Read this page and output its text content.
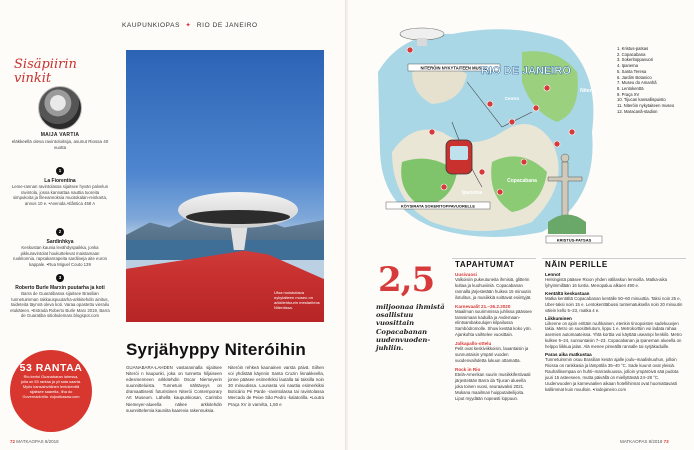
KAUPUNKIOPAS ✦ RIO DE JANEIRO
Sisäpiirin vinkit
MAIJA VARTIA
eläkkeellä oleva ravintoloitsija, asunut Riossa 40 vuotta
1
La Fiorentina
Leme-rannan ravintolassa sijaitsee hyvän palvelun ravintola, jossa kannattaa nauttia tuoreita simpukoita ja fileeannoksia muotokalan-reinkarta, annos 10 e. •Avenida Atlântica 458 A
2
Sardinhkya
Keskustan kaunia levähdyspaikka, jonka pikkuravintolat houkuttelevat maistamaan ruokitonnia, rapsakanrapeita sardiineja aite euron kappale. •Rua Miguel Couto 139
3
Roberto Burle Marxin puutarha ja koti
Barra de Guaratibassa sijaitsee Brasilian tunnetuimman rakkauspuutarha-arkkitehdin ainitus, taideteita täynnä oleva koti. Varaa opastettu vierailu etukäteen. •Estrada Roberto Burle Marx 2019, Barra de Guaratiba sitiobulemarx.blogspot.com
53 RANTAA
Rio kertoi Guanabaran lahessa, jolla on 53 rantaa ja yli sata saarta. Myös kansainvälinen lentokenttä sijaitsee saarella, Ilha do Governadorilla. riojustkasaw.com
Ufoa muistuttava nykytaiteen museo on arkkitehtuurin mestariteos Niteróissa.
Syrjähyppy Niteróihin
GUANABARA-LAHDEN vastarannalla sijaitsee Niterói n kaupunki, joka on tunnettu hiljaiseen edesmenneen arkkitehdin Oscar Niemeyerin suunnitteluista. Tunnetuin nähtävyys on dramaattisesti futuristinen Niterói Contemporary Art Museum. Lähellä kaupunkiosan, Carimbo Niemeyer-alueella näkee arkkitehdin suunnittelemia kauniita kaarevia rakennuksia.
Niteróin rehkeä kaunainen varsta päivä. Siihen voi yhdistää käynnin Santa Cruzin linnakkeella, jonne pääsee esimerkiksi lautalla tai taksilla noin 30 minuutissa. Lounasta voi nauttia esimerkiksi Boticário Pé Parde -ravintolassa tai ravintolassa Mercado de Peixe São Pedro -kalatorilla. •Loutra Praça XV in varrelta, 1,50 e
72 MATKAOPAS 8/2018
NITERÓIN NYKYTAITEEN MUSEO
RIO DE JANEIRO
Niteroi
Copacabana
Ipanema
Centro
KÖYSIRATA SOKERITOPPAVUORELLE
KRISTUS-PATSAS
1. Kristus-patsas
2. Copacabana
3. Sokeritoppavuori
4. Ipanema
5. Santa Teresa
6. Jardim Botanico
7. Museu do Amanhã
8. Lentokenttä
9. Praça XV
10. Tijucan kansallispuisto
11. Niteróin nykytaiteen museo
12. Maracanã-stadion
2,5
miljoonaa ihmistä osallistuu vuosittain Copacabanan uudenvuodenjuhliin.
TAPAHTUMAT
Uusivuosi
Valkoisiin pukeutuneita ihmisiä, glitterin kultaa ja kuohuviiniä. Copacabanan rannalla järjestetään huikea 15 minuutin ilotulitus, ja musiikkiä soittavat esiintyjät.
Karnevaalit 21.–26.2.2020
Maailman suurimmissa juhlissa päässee tanssimaan kaduilla ja Avdemaan-elintsambakoulujen kilpailussa Sambódromolle. Show kestää koko yön. Ajankohta vaihtelee vuosittain.
Jalkapallo-ottelu
Pelit ovat keskiviikkoisin, lauantaisin ja sunnuntaisin ympäri vuoden vuodenvaihdetta lukuun ottamatta.
Rock in Rio
Etelä-Amerikan suurin musiikkifestivaali järjestetään Barra da Tijucan alueella joka toinen vuosi, seuraavaksi 2021. Mukana maailman huipputaiteilijoita. Liput myydään nopeasti loppuun.
NÄIN PERILLE
Lennot
Helsingistä pääsee Rioon yhden välilaskun lennoilla. Matka-aika lyhyimmillään 16 tuntia. Menopaluu alkaen 490 e.
Kentältä keskustaan
Matka kentältä Copacabanan kentälle 50–60 minuuttia. Taksi noin 25 e, Uber-taksi noin 15 e. Lentokenttäbussi tuntematuksella noin 20 minuutin välein kello 5–23, matka 4 e.
Liikkuminen
Liikenne on ajoin erittäin ruuhkainen, etenkin tiroopoisten sadekuuvjen takia. Metro on suosittelutum, lippu 1 e. Metrokorttiin voi ladata rahaa asemien automaateissa. Yhtä korttia voi käyttää useampi henkilö. Metro kulkee 5–24, sunnuntaisin 7–23. Copacabanan ja Ipaneman alueella on helppo liikkua jalan. Alä menee pimeällä rannalle tai syrjäkaduille.
Paras aika matkustaa
Tunnetuimmin osuu Brasilian kesän ajalle joulu–maaliskuuhun, jolloin Riossa on rankkasia ja lämpötila 35–40 °C. Sade kuurot ovat yleisiä. Rauhallisempaa on huhti–marraskuussa, jolloin ympäröivä sää pudota juuri 15 asteeseen, mutta päivällä on miellyttävää 24–28 °C. Uudenvuoden ja karnevaalien aikaan hotellihinnat ovat huomattavasti kalliimmat kuin muulloin. •riodejaneiro.com
MATKAOPAS 8/2018 73
